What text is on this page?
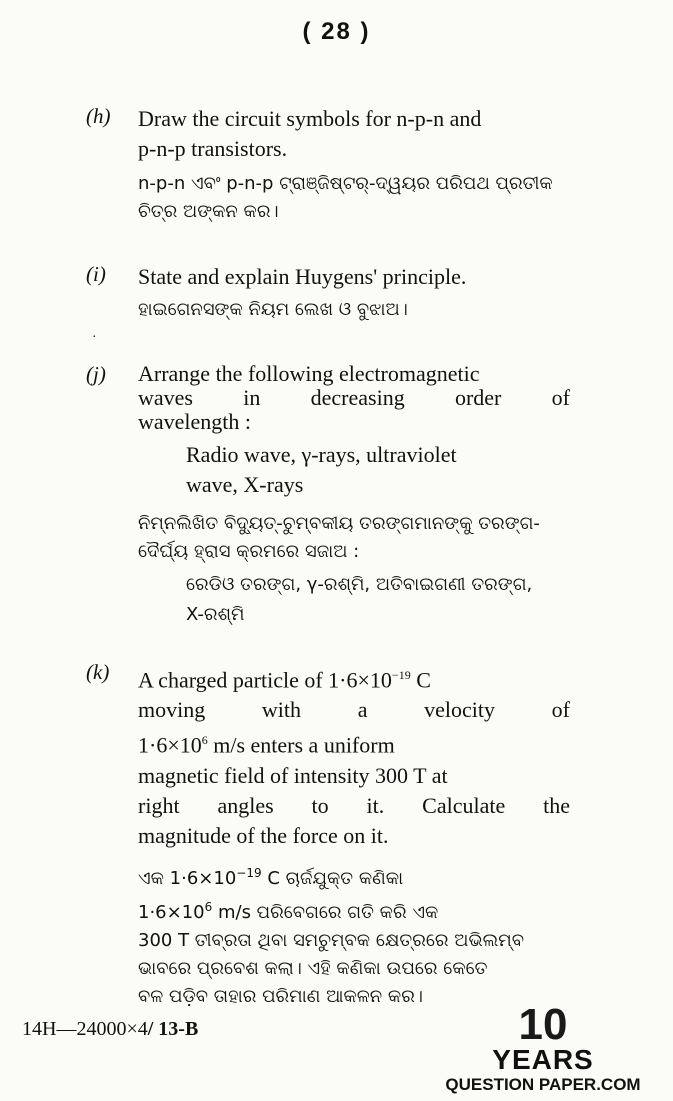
( 28 )
(h) Draw the circuit symbols for n-p-n and
p-n-p transistors.
n-p-n ଏବଂ p-n-p ଟ୍ରାଞ୍ଜିଷ୍ଟର୍‌-ଦ୍ୱୟର ପରିପଥ ପ୍ରତୀକ
ଚିତ୍ର ଅଙ୍କନ କର।
(i) State and explain Huygens' principle.
ହାଇଗେନସଙ୍କ ନିୟମ ଲେଖ ଓ ବୁଝାଅ।
·
(j) Arrange the following electromagnetic
waves in decreasing order of
wavelength :
Radio wave, γ-rays, ultraviolet
wave, X-rays
ନିମ୍ନଲିଖିତ ବିଦ୍ୟୁତ୍‌-ଚୁମ୍ବକୀୟ ତରଙ୍ଗମାନଙ୍କୁ ତରଙ୍ଗ-
ଦୈର୍ଘ୍ୟ ହ୍ରାସ କ୍ରମରେ ସଜାଅ :
ରେଡିଓ ତରଙ୍ଗ, γ-ରଶ୍ମି, ଅତିବାଇଗଣୀ ତରଙ୍ଗ,
X-ରଶ୍ମି
(k) A charged particle of $1\cdot 6\times 10^{-19}$ C
moving with a velocity of
$1\cdot 6\times 10^6$ m/s enters a uniform
magnetic field of intensity 300 T at
right angles to it. Calculate the
magnitude of the force on it.
ଏକ $1\cdot 6\times 10^{-19}$ C ଚାର୍ଜଯୁକ୍ତ କଣିକା
$1\cdot 6\times 10^6$ m/s ପରିବେଗରେ ଗତି କରି ଏକ
300 T ତୀବ୍ରତା ଥିବା ସମଚୁମ୍ବକ କ୍ଷେତ୍ରରେ ଅଭିଲମ୍ବ
ଭାବରେ ପ୍ରବେଶ କଲା। ଏହି କଣିକା ଉପରେ କେତେ
ବଳ ପଡ଼ିବ ତାହାର ପରିମାଣ ଆକଳନ କର।
14H—24000×4/ 13-B	10
YEARS
QUESTION PAPER.COM
